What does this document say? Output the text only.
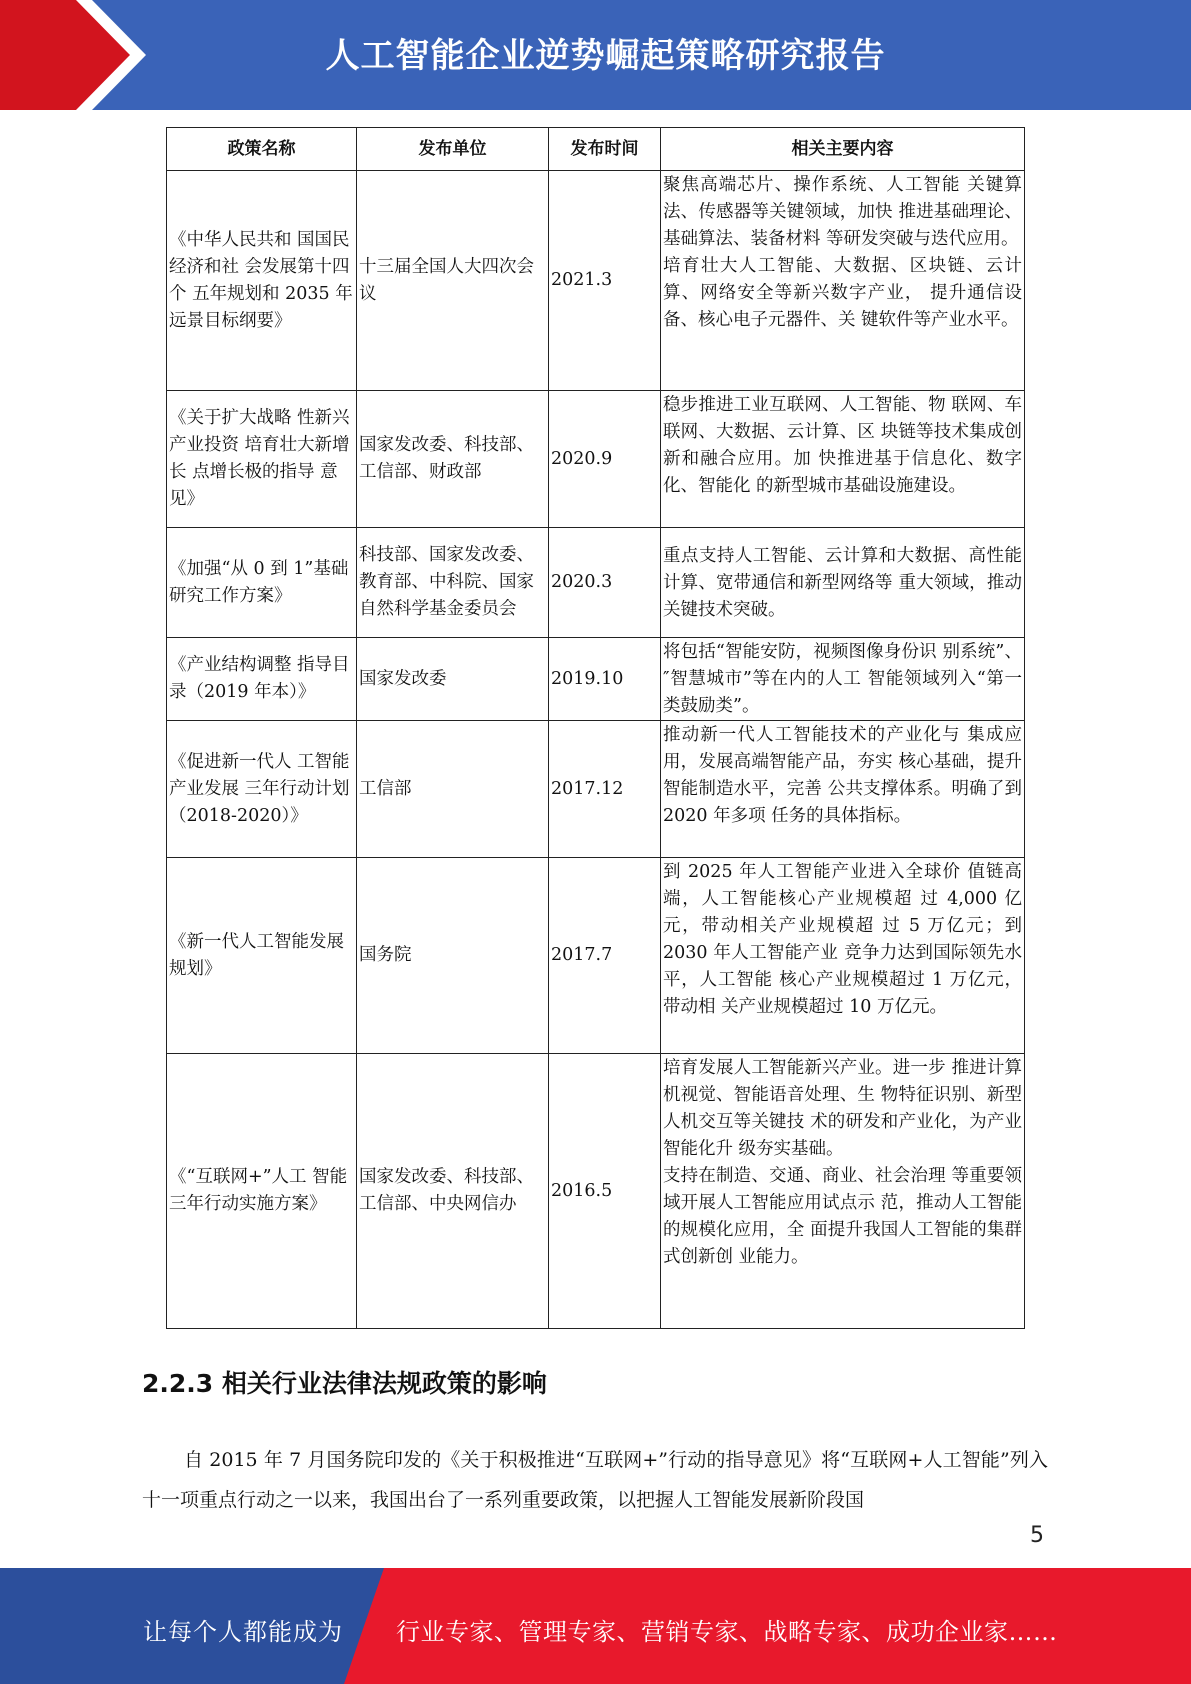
人工智能企业逆势崛起策略研究报告
政策名称	发布单位	发布时间	相关主要内容
《中华人民共和 国国民经济和社 会发展第十四个 五年规划和 2035 年远景目标纲要》	十三届全国人大四次会议	2021.3	聚焦高端芯片、操作系统、人工智能 关键算法、传感器等关键领域，加快 推进基础理论、基础算法、装备材料 等研发突破与迭代应用。
培育壮大人工智能、大数据、区块链、云计算、网络安全等新兴数字产业， 提升通信设备、核心电子元器件、关 键软件等产业水平。

《关于扩大战略 性新兴产业投资 培育壮大新增长 点增长极的指导 意见》	国家发改委、科技部、工信部、财政部	2020.9	稳步推进工业互联网、人工智能、物 联网、车联网、大数据、云计算、区 块链等技术集成创新和融合应用。加 快推进基于信息化、数字化、智能化 的新型城市基础设施建设。

《加强“从 0 到 1”基础研究工作方案》	科技部、国家发改委、教育部、中科院、国家自然科学基金委员会	2020.3	重点支持人工智能、云计算和大数据、高性能计算、宽带通信和新型网络等 重大领域，推动关键技术突破。

《产业结构调整 指导目录（2019 年本）》	国家发改委	2019.10	将包括“智能安防，视频图像身份识 别系统”、″智慧城市”等在内的人工 智能领域列入“第一类鼓励类”。

《促进新一代人 工智能产业发展 三年行动计划（2018-2020）》	工信部	2017.12	推动新一代人工智能技术的产业化与 集成应用，发展高端智能产品，夯实 核心基础，提升智能制造水平，完善 公共支撑体系。明确了到 2020 年多项 任务的具体指标。

《新一代人工智能发展规划》	国务院	2017.7	到 2025 年人工智能产业进入全球价 值链高端，人工智能核心产业规模超 过 4,000 亿元，带动相关产业规模超 过 5 万亿元；到 2030 年人工智能产业 竞争力达到国际领先水平，人工智能 核心产业规模超过 1 万亿元，带动相 关产业规模超过 10 万亿元。

《“互联网+”人工 智能三年行动实施方案》	国家发改委、科技部、工信部、中央网信办	2016.5	培育发展人工智能新兴产业。进一步 推进计算机视觉、智能语音处理、生 物特征识别、新型人机交互等关键技 术的研发和产业化，为产业智能化升 级夯实基础。
支持在制造、交通、商业、社会治理 等重要领域开展人工智能应用试点示 范，推动人工智能的规模化应用，全 面提升我国人工智能的集群式创新创 业能力。
2.2.3 相关行业法律法规政策的影响
自 2015 年 7 月国务院印发的《关于积极推进“互联网+”行动的指导意见》将“互联网+人工智能”列入十一项重点行动之一以来，我国出台了一系列重要政策，以把握人工智能发展新阶段国
5
让每个人都能成为 行业专家、管理专家、营销专家、战略专家、成功企业家……
